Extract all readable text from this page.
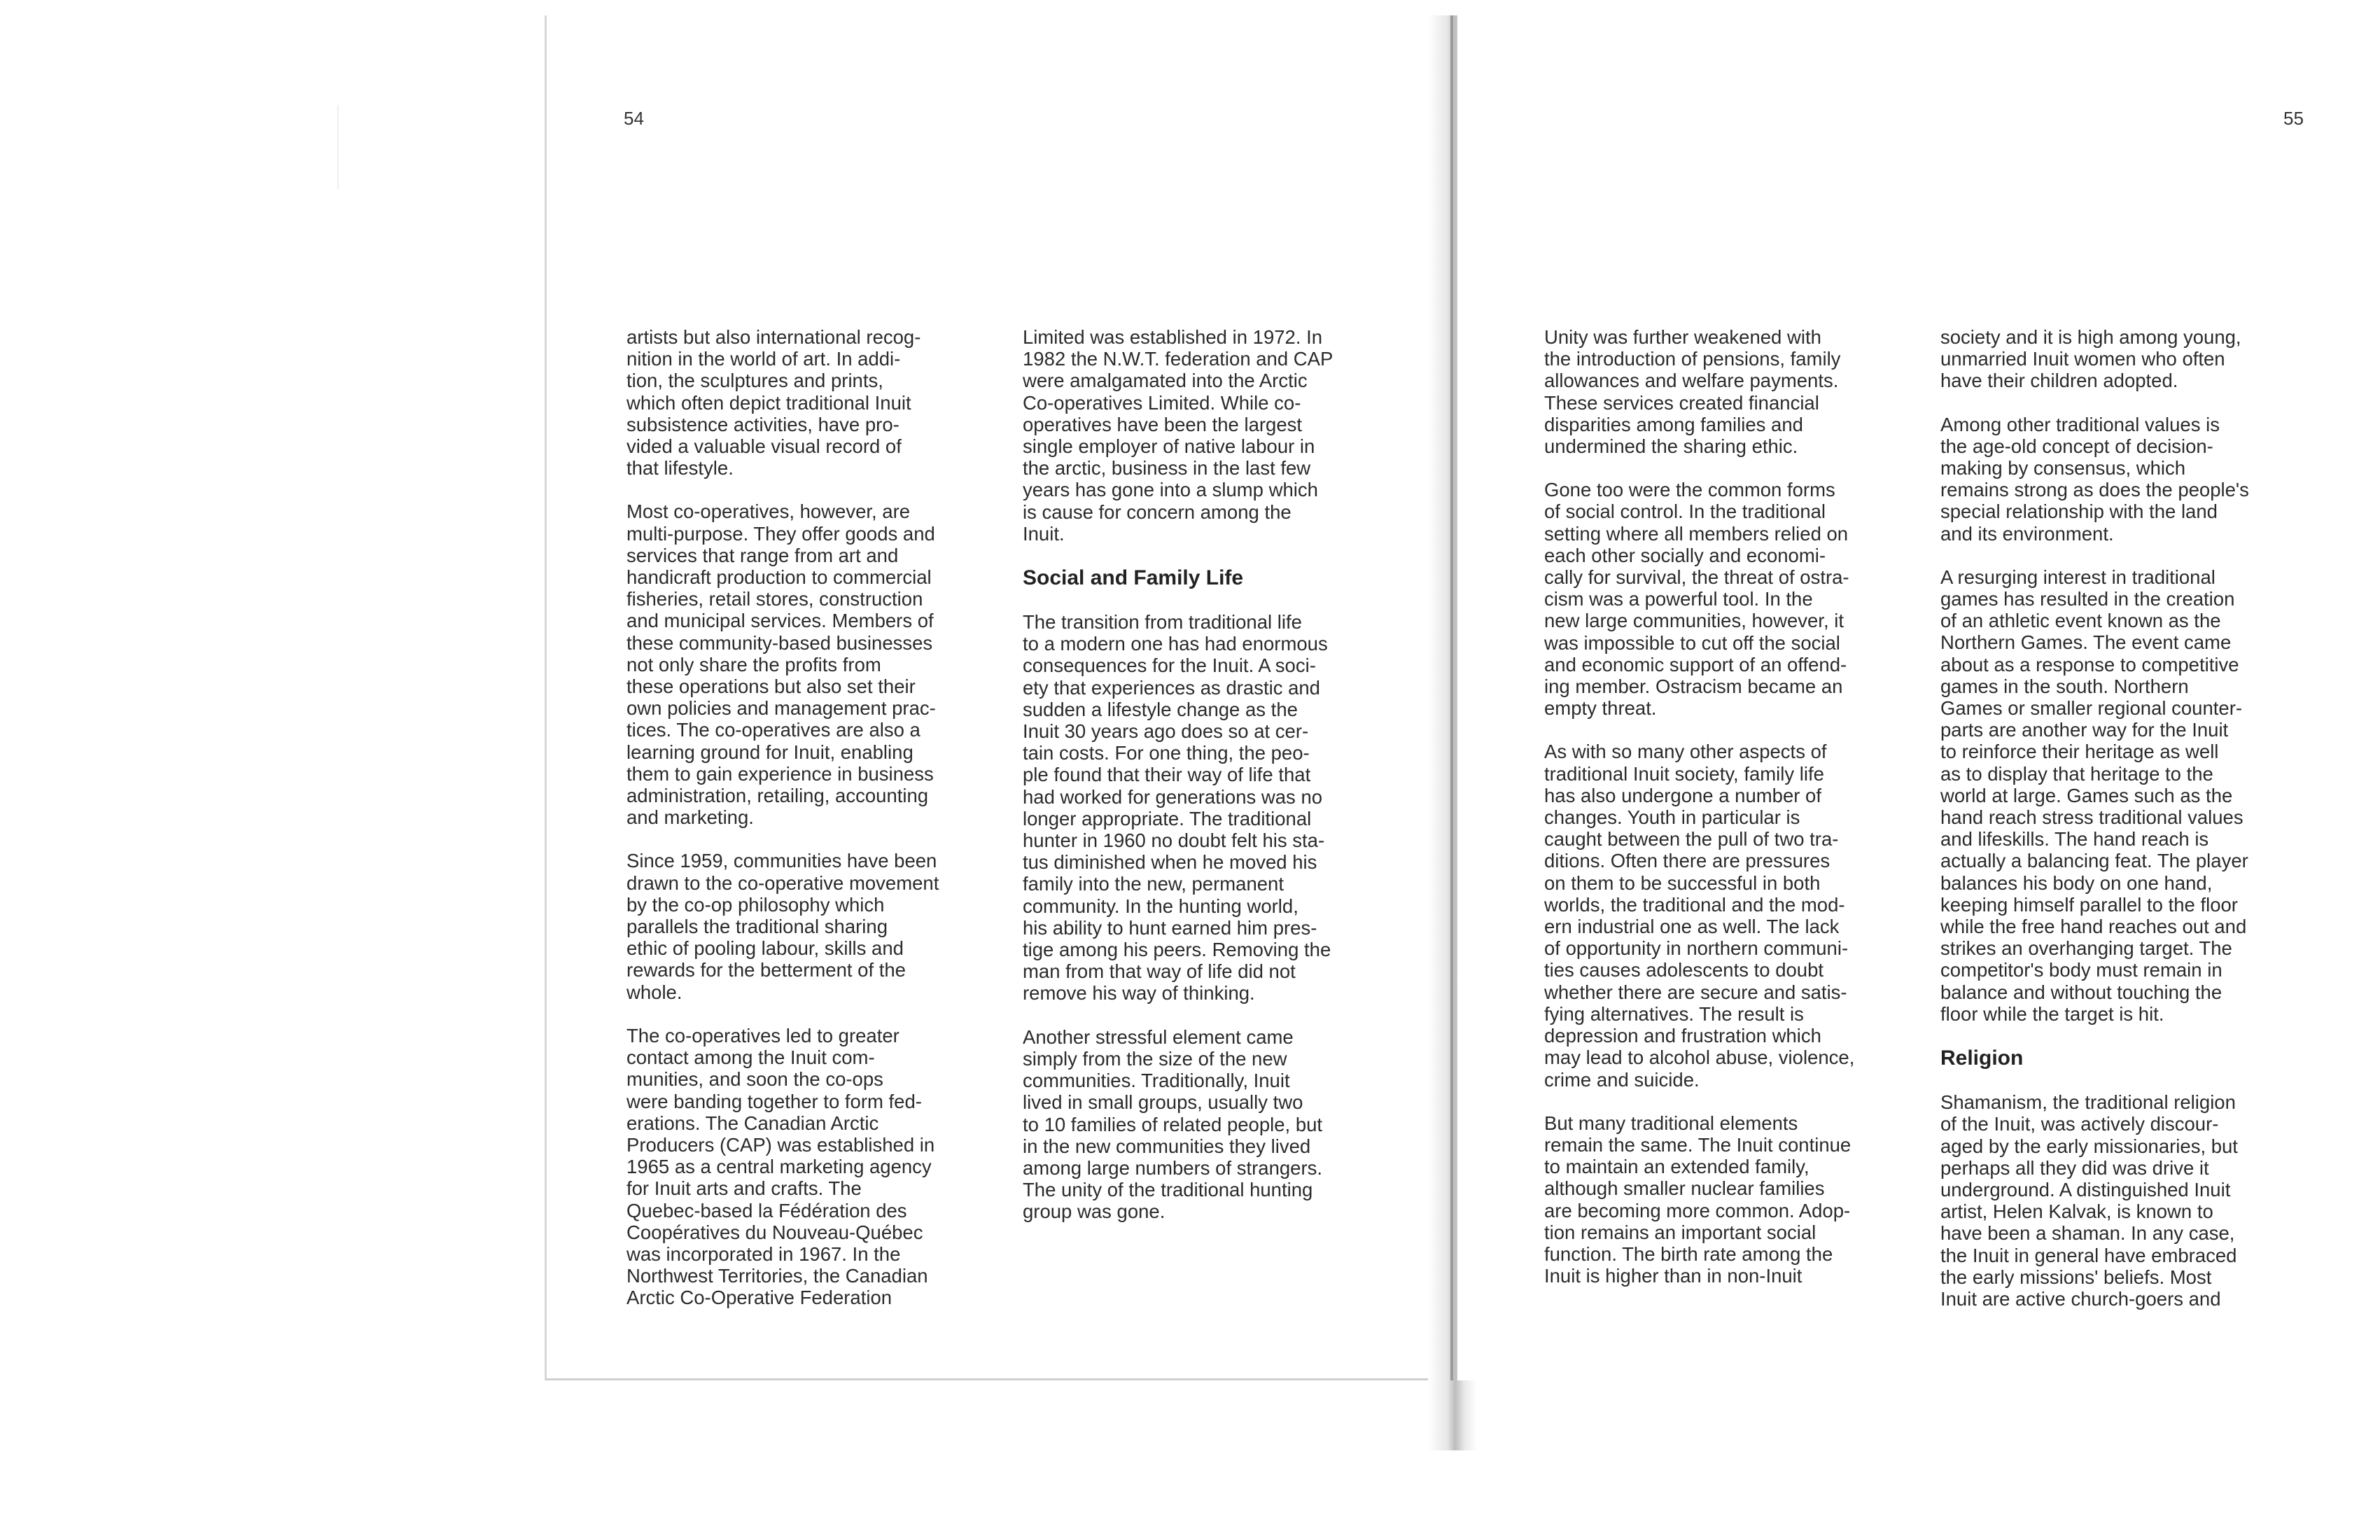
54
artists but also international recog-
nition in the world of art. In addi-
tion, the sculptures and prints,
which often depict traditional Inuit
subsistence activities, have pro-
vided a valuable visual record of
that lifestyle.
Most co-operatives, however, are
multi-purpose. They offer goods and
services that range from art and
handicraft production to commercial
fisheries, retail stores, construction
and municipal services. Members of
these community-based businesses
not only share the profits from
these operations but also set their
own policies and management prac-
tices. The co-operatives are also a
learning ground for Inuit, enabling
them to gain experience in business
administration, retailing, accounting
and marketing.
Since 1959, communities have been
drawn to the co-operative movement
by the co-op philosophy which
parallels the traditional sharing
ethic of pooling labour, skills and
rewards for the betterment of the
whole.
The co-operatives led to greater
contact among the Inuit com-
munities, and soon the co-ops
were banding together to form fed-
erations. The Canadian Arctic
Producers (CAP) was established in
1965 as a central marketing agency
for Inuit arts and crafts. The
Quebec-based la Fédération des
Coopératives du Nouveau-Québec
was incorporated in 1967. In the
Northwest Territories, the Canadian
Arctic Co-Operative Federation
Limited was established in 1972. In
1982 the N.W.T. federation and CAP
were amalgamated into the Arctic
Co-operatives Limited. While co-
operatives have been the largest
single employer of native labour in
the arctic, business in the last few
years has gone into a slump which
is cause for concern among the
Inuit.
Social and Family Life
The transition from traditional life
to a modern one has had enormous
consequences for the Inuit. A soci-
ety that experiences as drastic and
sudden a lifestyle change as the
Inuit 30 years ago does so at cer-
tain costs. For one thing, the peo-
ple found that their way of life that
had worked for generations was no
longer appropriate. The traditional
hunter in 1960 no doubt felt his sta-
tus diminished when he moved his
family into the new, permanent
community. In the hunting world,
his ability to hunt earned him pres-
tige among his peers. Removing the
man from that way of life did not
remove his way of thinking.
Another stressful element came
simply from the size of the new
communities. Traditionally, Inuit
lived in small groups, usually two
to 10 families of related people, but
in the new communities they lived
among large numbers of strangers.
The unity of the traditional hunting
group was gone.
55
Unity was further weakened with
the introduction of pensions, family
allowances and welfare payments.
These services created financial
disparities among families and
undermined the sharing ethic.
Gone too were the common forms
of social control. In the traditional
setting where all members relied on
each other socially and economi-
cally for survival, the threat of ostra-
cism was a powerful tool. In the
new large communities, however, it
was impossible to cut off the social
and economic support of an offend-
ing member. Ostracism became an
empty threat.
As with so many other aspects of
traditional Inuit society, family life
has also undergone a number of
changes. Youth in particular is
caught between the pull of two tra-
ditions. Often there are pressures
on them to be successful in both
worlds, the traditional and the mod-
ern industrial one as well. The lack
of opportunity in northern communi-
ties causes adolescents to doubt
whether there are secure and satis-
fying alternatives. The result is
depression and frustration which
may lead to alcohol abuse, violence,
crime and suicide.
But many traditional elements
remain the same. The Inuit continue
to maintain an extended family,
although smaller nuclear families
are becoming more common. Adop-
tion remains an important social
function. The birth rate among the
Inuit is higher than in non-Inuit
society and it is high among young,
unmarried Inuit women who often
have their children adopted.
Among other traditional values is
the age-old concept of decision-
making by consensus, which
remains strong as does the people's
special relationship with the land
and its environment.
A resurging interest in traditional
games has resulted in the creation
of an athletic event known as the
Northern Games. The event came
about as a response to competitive
games in the south. Northern
Games or smaller regional counter-
parts are another way for the Inuit
to reinforce their heritage as well
as to display that heritage to the
world at large. Games such as the
hand reach stress traditional values
and lifeskills. The hand reach is
actually a balancing feat. The player
balances his body on one hand,
keeping himself parallel to the floor
while the free hand reaches out and
strikes an overhanging target. The
competitor's body must remain in
balance and without touching the
floor while the target is hit.
Religion
Shamanism, the traditional religion
of the Inuit, was actively discour-
aged by the early missionaries, but
perhaps all they did was drive it
underground. A distinguished Inuit
artist, Helen Kalvak, is known to
have been a shaman. In any case,
the Inuit in general have embraced
the early missions' beliefs. Most
Inuit are active church-goers and
